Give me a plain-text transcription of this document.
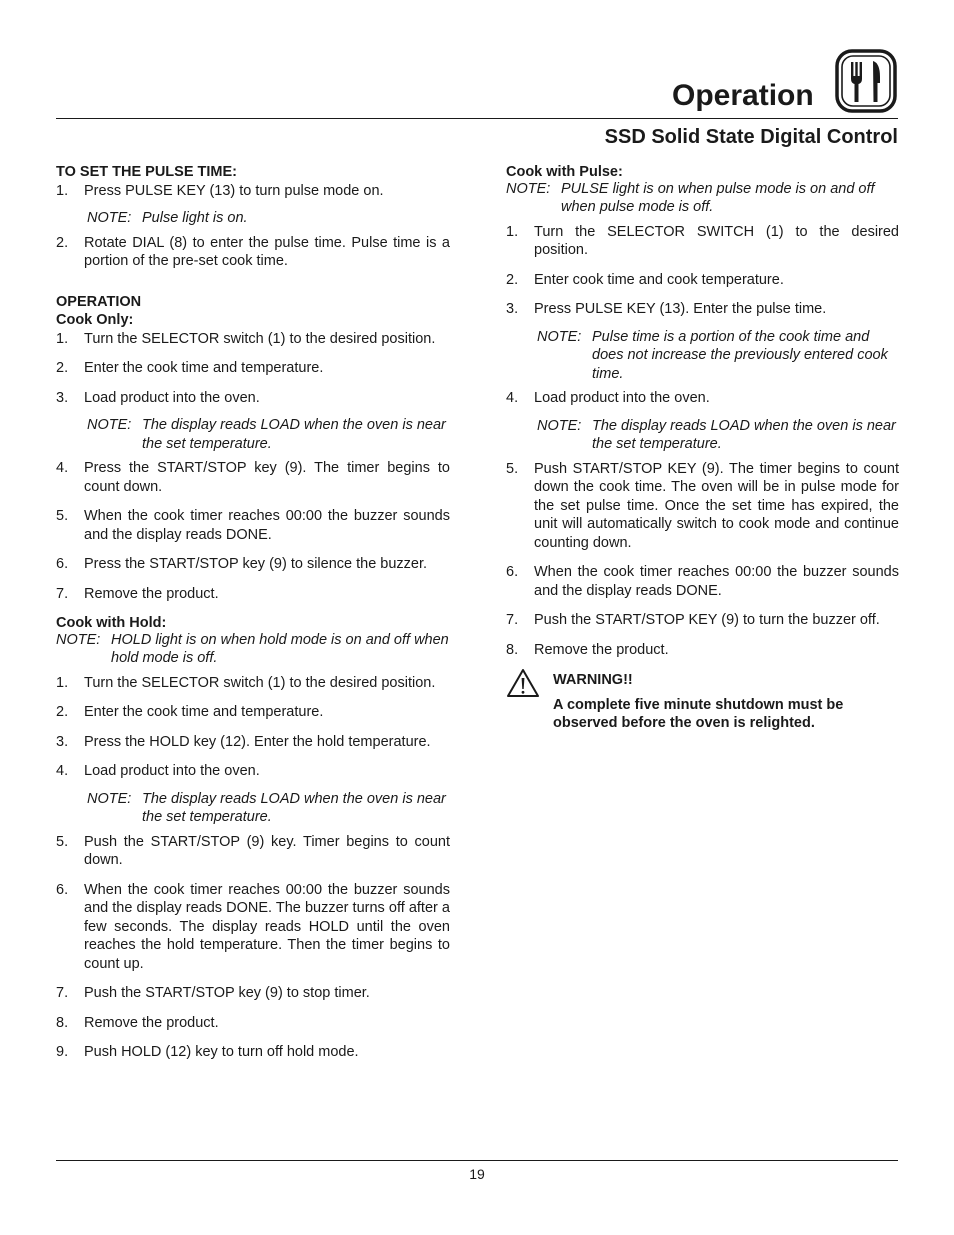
Operation
SSD Solid State Digital Control

TO SET THE PULSE TIME:

1.	Press PULSE KEY (13) to turn pulse mode on.
NOTE: Pulse light is on.
2.	Rotate DIAL (8) to enter the pulse time. Pulse time is a portion of the pre-set cook time.

OPERATION

Cook Only:

1.	Turn the SELECTOR switch (1) to the desired position.
2.	Enter the cook time and temperature.
3.	Load product into the oven.
NOTE: The display reads LOAD when the oven is near the set temperature.
4.	Press the START/STOP key (9). The timer begins to count down.
5.	When the cook timer reaches 00:00 the buzzer sounds and the display reads DONE.
6.	Press the START/STOP key (9) to silence the buzzer.
7.	Remove the product.

Cook with Hold:

NOTE: HOLD light is on when hold mode is on and off when hold mode is off.
1.	Turn the SELECTOR switch (1) to the desired position.
2.	Enter the cook time and temperature.
3.	Press the HOLD key (12). Enter the hold temperature.
4.	Load product into the oven.
NOTE: The display reads LOAD when the oven is near the set temperature.
5.	Push the START/STOP (9) key. Timer begins to count down.
6.	When the cook timer reaches 00:00 the buzzer sounds and the display reads DONE. The buzzer turns off after a few seconds. The display reads HOLD until the oven reaches the hold temperature. Then the timer begins to count up.
7.	Push the START/STOP key (9) to stop timer.
8.	Remove the product.
9.	Push HOLD (12) key to turn off hold mode.

Cook with Pulse:

NOTE: PULSE light is on when pulse mode is on and off when pulse mode is off.
1.	Turn the SELECTOR SWITCH (1) to the desired position.
2.	Enter cook time and cook temperature.
3.	Press PULSE KEY (13). Enter the pulse time.
NOTE: Pulse time is a portion of the cook time and does not increase the previously entered cook time.
4.	Load product into the oven.
NOTE: The display reads LOAD when the oven is near the set temperature.
5.	Push START/STOP KEY (9). The timer begins to count down the cook time. The oven will be in pulse mode for the set pulse time. Once the set time has expired, the unit will automatically switch to cook mode and continue counting down.
6.	When the cook timer reaches 00:00 the buzzer sounds and the display reads DONE.
7.	Push the START/STOP KEY (9) to turn the buzzer off.
8.	Remove the product.

WARNING!!

A complete five minute shutdown must be observed before the oven is relighted.

19
